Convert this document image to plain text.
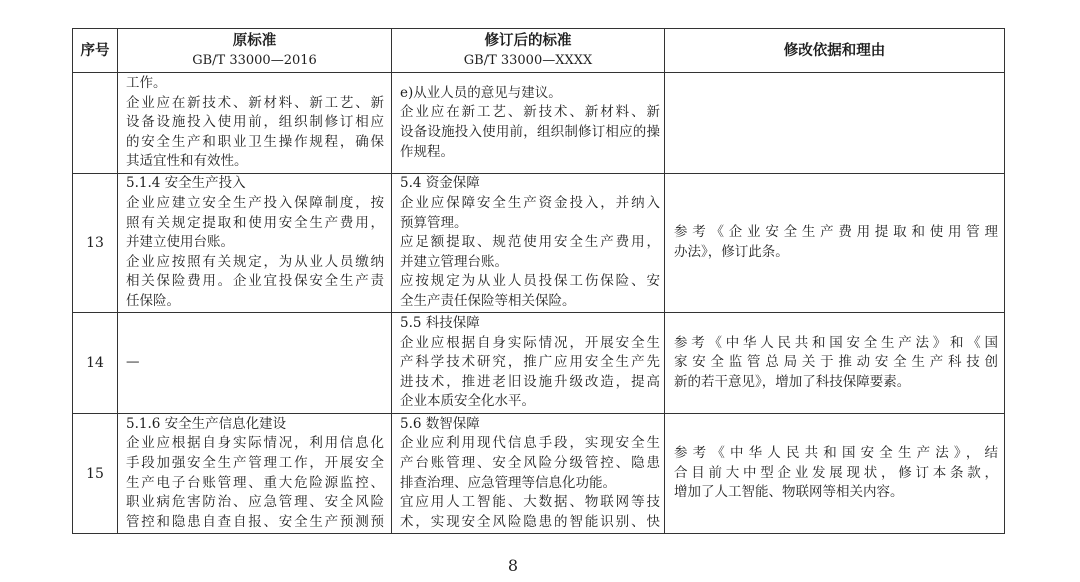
序号
原标准
GB/T 33000—2016
修订后的标准
GB/T 33000—XXXX
修改依据和理由
工作。
企业应在新技术、新材料、新工艺、新
设备设施投入使用前，组织制修订相应
的安全生产和职业卫生操作规程，确保
其适宜性和有效性。
e)从业人员的意见与建议。
企业应在新工艺、新技术、新材料、新
设备设施投入使用前，组织制修订相应的操
作规程。
13
5.1.4 安全生产投入
企业应建立安全生产投入保障制度，按
照有关规定提取和使用安全生产费用，
并建立使用台账。
企业应按照有关规定，为从业人员缴纳
相关保险费用。企业宜投保安全生产责
任保险。
5.4 资金保障
企业应保障安全生产资金投入，并纳入
预算管理。
应足额提取、规范使用安全生产费用，
并建立管理台账。
应按规定为从业人员投保工伤保险、安
全生产责任保险等相关保险。
参考《企业安全生产费用提取和使用管理
办法》，修订此条。
14 —
5.5 科技保障
企业应根据自身实际情况，开展安全生
产科学技术研究，推广应用安全生产先
进技术，推进老旧设施升级改造，提高
企业本质安全化水平。
参考《中华人民共和国安全生产法》和《国
家安全监管总局关于推动安全生产科技创
新的若干意见》，增加了科技保障要素。
15
5.1.6 安全生产信息化建设
企业应根据自身实际情况，利用信息化
手段加强安全生产管理工作，开展安全
生产电子台账管理、重大危险源监控、
职业病危害防治、应急管理、安全风险
管控和隐患自查自报、安全生产预测预
5.6 数智保障
企业应利用现代信息手段，实现安全生
产台账管理、安全风险分级管控、隐患
排查治理、应急管理等信息化功能。
宜应用人工智能、大数据、物联网等技
术，实现安全风险隐患的智能识别、快
参考《中华人民共和国安全生产法》，结
合目前大中型企业发展现状，修订本条款，
增加了人工智能、物联网等相关内容。
8
